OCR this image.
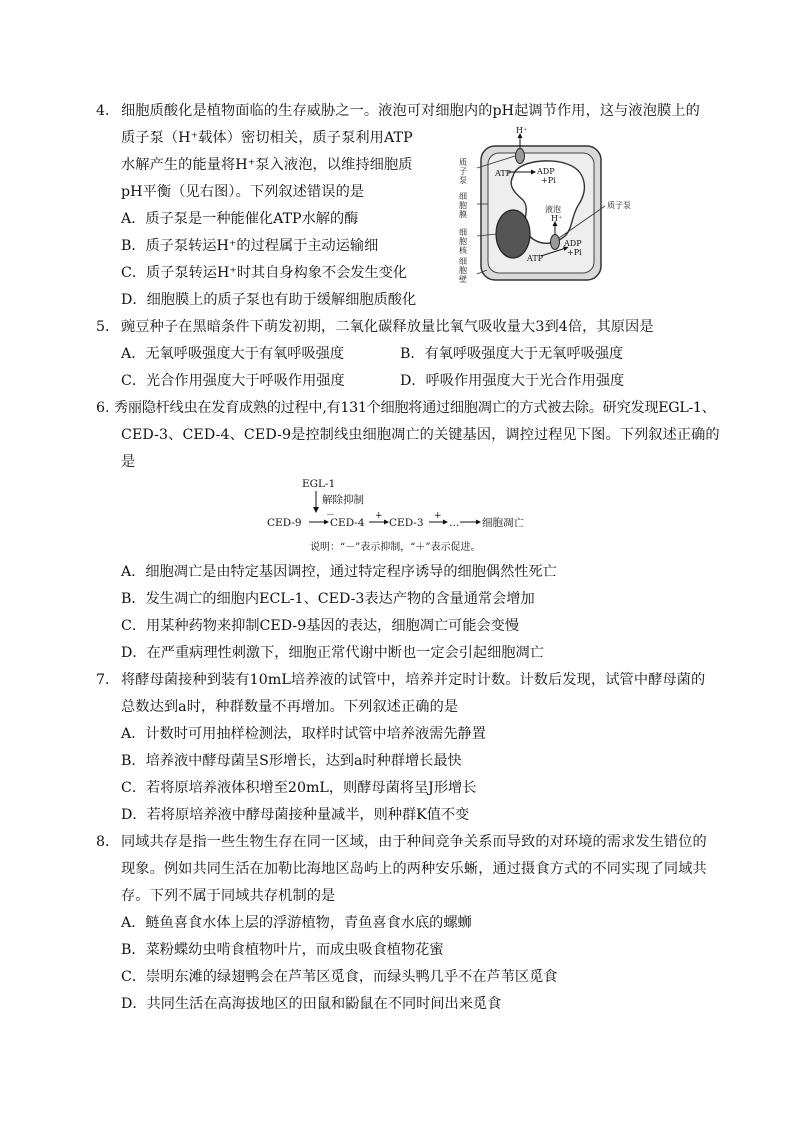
4． 细胞质酸化是植物面临的生存威胁之一。液泡可对细胞内的pH起调节作用，这与液泡膜上的
质子泵（H⁺载体）密切相关，质子泵利用ATP
水解产生的能量将H⁺泵入液泡，以维持细胞质
pH平衡（见右图）。下列叙述错误的是
A．质子泵是一种能催化ATP水解的酶
B．质子泵转运H⁺的过程属于主动运输细
C．质子泵转运H⁺时其自身构象不会发生变化
D．细胞膜上的质子泵也有助于缓解细胞质酸化
H⁺
ATP	ADP
+Pi
液泡
H⁺
质子泵
ADP
+Pi
ATP
质子泵
细胞膜
细胞核
细胞壁
5． 豌豆种子在黑暗条件下萌发初期，二氧化碳释放量比氧气吸收量大3到4倍，其原因是
A．无氧呼吸强度大于有氧呼吸强度	B．有氧呼吸强度大于无氧呼吸强度
C．光合作用强度大于呼吸作用强度	D．呼吸作用强度大于光合作用强度
6. 秀丽隐杆线虫在发育成熟的过程中,有131个细胞将通过细胞凋亡的方式被去除。研究发现EGL-1、
CED-3、CED-4、CED-9是控制线虫细胞凋亡的关键基因，调控过程见下图。下列叙述正确的
是
EGL-1
解除抑制
CED-9
－
CED-4
+
CED-3
+
… 细胞凋亡
说明：“－”表示抑制，“＋”表示促进。
A．细胞凋亡是由特定基因调控，通过特定程序诱导的细胞偶然性死亡
B．发生凋亡的细胞内ECL-1、CED-3表达产物的含量通常会增加
C．用某种药物来抑制CED-9基因的表达，细胞凋亡可能会变慢
D．在严重病理性刺激下，细胞正常代谢中断也一定会引起细胞凋亡
7． 将酵母菌接种到装有10mL培养液的试管中，培养并定时计数。计数后发现，试管中酵母菌的
总数达到a时，种群数量不再增加。下列叙述正确的是
A．计数时可用抽样检测法，取样时试管中培养液需先静置
B．培养液中酵母菌呈S形增长，达到a时种群增长最快
C．若将原培养液体积增至20mL，则酵母菌将呈J形增长
D．若将原培养液中酵母菌接种量减半，则种群K值不变
8． 同域共存是指一些生物生存在同一区域，由于种间竞争关系而导致的对环境的需求发生错位的
现象。例如共同生活在加勒比海地区岛屿上的两种安乐蜥，通过摄食方式的不同实现了同域共
存。下列不属于同域共存机制的是
A．鲢鱼喜食水体上层的浮游植物，青鱼喜食水底的螺蛳
B．菜粉蝶幼虫啃食植物叶片，而成虫吸食植物花蜜
C．崇明东滩的绿翅鸭会在芦苇区觅食，而绿头鸭几乎不在芦苇区觅食
D．共同生活在高海拔地区的田鼠和鼢鼠在不同时间出来觅食
